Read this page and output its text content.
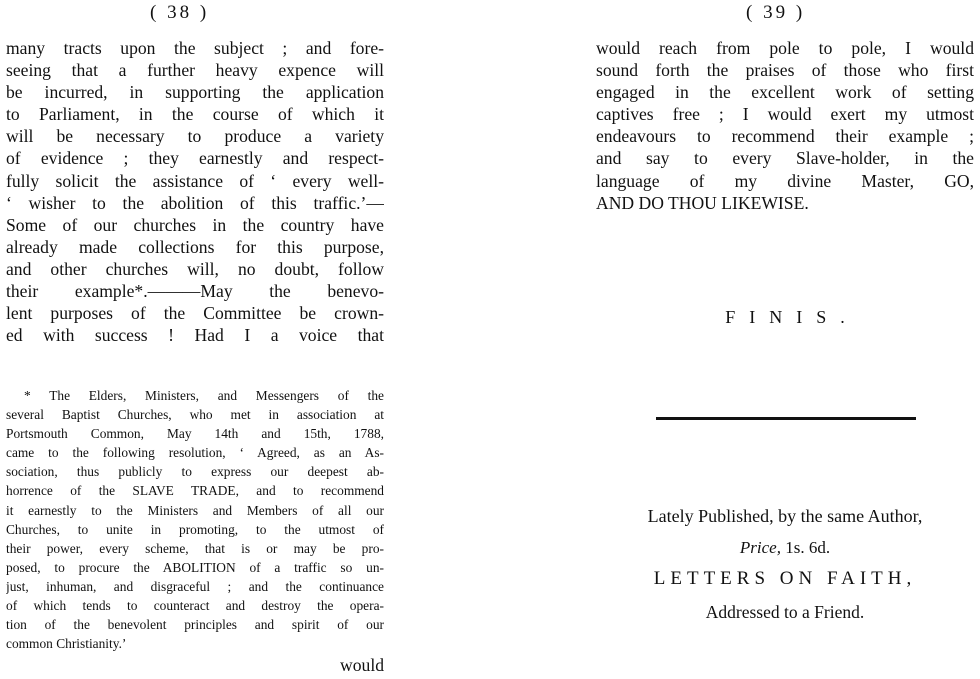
( 38 )
many tracts upon the subject ; and fore-
seeing that a further heavy expence will
be incurred, in supporting the application
to Parliament, in the course of which it
will be necessary to produce a variety
of evidence ; they earnestly and respect-
fully solicit the assistance of ‘ every well-
‘ wisher to the abolition of this traffic.’—
Some of our churches in the country have
already made collections for this purpose,
and other churches will, no doubt, follow
their example*.———May the benevo-
lent purposes of the Committee be crown-
ed with success ! Had I a voice that
* The Elders, Ministers, and Messengers of the
several Baptist Churches, who met in association at
Portsmouth Common, May 14th and 15th, 1788,
came to the following resolution, ‘ Agreed, as an As-
sociation, thus publicly to express our deepest ab-
horrence of the SLAVE TRADE, and to recommend
it earnestly to the Ministers and Members of all our
Churches, to unite in promoting, to the utmost of
their power, every scheme, that is or may be pro-
posed, to procure the ABOLITION of a traffic so un-
just, inhuman, and disgraceful ; and the continuance
of which tends to counteract and destroy the opera-
tion of the benevolent principles and spirit of our
common Christianity.’
would
( 39 )
would reach from pole to pole, I would
sound forth the praises of those who first
engaged in the excellent work of setting
captives free ; I would exert my utmost
endeavours to recommend their example ;
and say to every Slave-holder, in the
language of my divine Master, GO,
AND DO THOU LIKEWISE.
FINIS.
Lately Published, by the same Author,
Price, 1s. 6d.
LETTERS ON FAITH,
Addressed to a Friend.
